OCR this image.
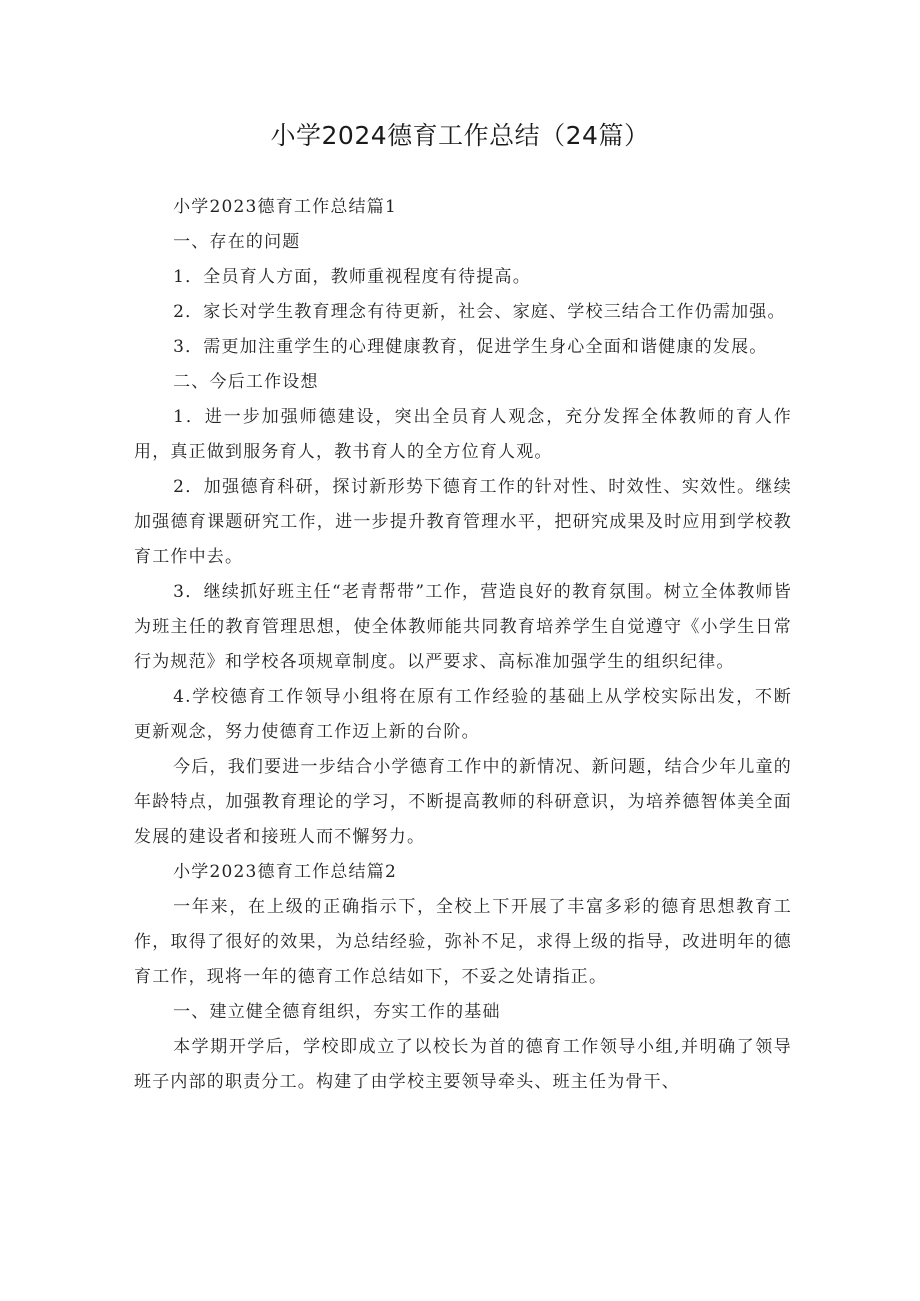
小学2024德育工作总结（24篇）

小学2023德育工作总结篇1

一、存在的问题

1．全员育人方面，教师重视程度有待提高。

2．家长对学生教育理念有待更新，社会、家庭、学校三结合工作仍需加强。

3．需更加注重学生的心理健康教育，促进学生身心全面和谐健康的发展。

二、今后工作设想

1．进一步加强师德建设，突出全员育人观念，充分发挥全体教师的育人作用，真正做到服务育人，教书育人的全方位育人观。

2．加强德育科研，探讨新形势下德育工作的针对性、时效性、实效性。继续加强德育课题研究工作，进一步提升教育管理水平，把研究成果及时应用到学校教育工作中去。

3．继续抓好班主任“老青帮带”工作，营造良好的教育氛围。树立全体教师皆为班主任的教育管理思想，使全体教师能共同教育培养学生自觉遵守《小学生日常行为规范》和学校各项规章制度。以严要求、高标准加强学生的组织纪律。

4.学校德育工作领导小组将在原有工作经验的基础上从学校实际出发，不断更新观念，努力使德育工作迈上新的台阶。

今后，我们要进一步结合小学德育工作中的新情况、新问题，结合少年儿童的年龄特点，加强教育理论的学习，不断提高教师的科研意识，为培养德智体美全面发展的建设者和接班人而不懈努力。

小学2023德育工作总结篇2

一年来，在上级的正确指示下，全校上下开展了丰富多彩的德育思想教育工作，取得了很好的效果，为总结经验，弥补不足，求得上级的指导，改进明年的德育工作，现将一年的德育工作总结如下，不妥之处请指正。

一、建立健全德育组织，夯实工作的基础

本学期开学后，学校即成立了以校长为首的德育工作领导小组,并明确了领导班子内部的职责分工。构建了由学校主要领导牵头、班主任为骨干、
